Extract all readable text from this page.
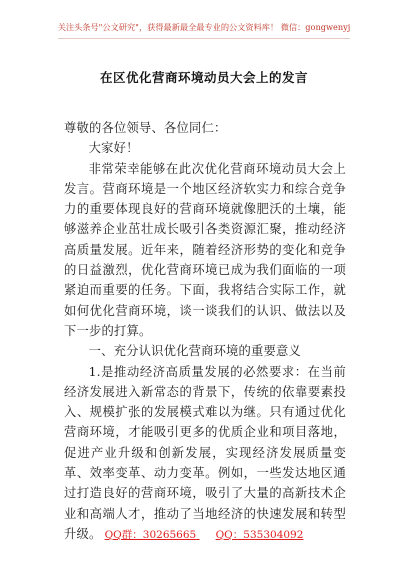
关注头条号"公文研究"，获得最新最全最专业的公文资料库！ 微信：gongwenyj
在区优化营商环境动员大会上的发言

尊敬的各位领导、各位同仁：

大家好！

非常荣幸能够在此次优化营商环境动员大会上发言。营商环境是一个地区经济软实力和综合竞争力的重要体现良好的营商环境就像肥沃的土壤，能够滋养企业茁壮成长吸引各类资源汇聚，推动经济高质量发展。近年来，随着经济形势的变化和竞争的日益激烈，优化营商环境已成为我们面临的一项紧迫而重要的任务。下面，我将结合实际工作，就如何优化营商环境，谈一谈我们的认识、做法以及下一步的打算。

一、充分认识优化营商环境的重要意义

1.是推动经济高质量发展的必然要求：在当前经济发展进入新常态的背景下，传统的依靠要素投入、规模扩张的发展模式难以为继。只有通过优化营商环境，才能吸引更多的优质企业和项目落地，促进产业升级和创新发展，实现经济发展质量变革、效率变革、动力变革。例如，一些发达地区通过打造良好的营商环境，吸引了大量的高新技术企业和高端人才，推动了当地经济的快速发展和转型升级。 QQ群：30265665 QQ：535304092
